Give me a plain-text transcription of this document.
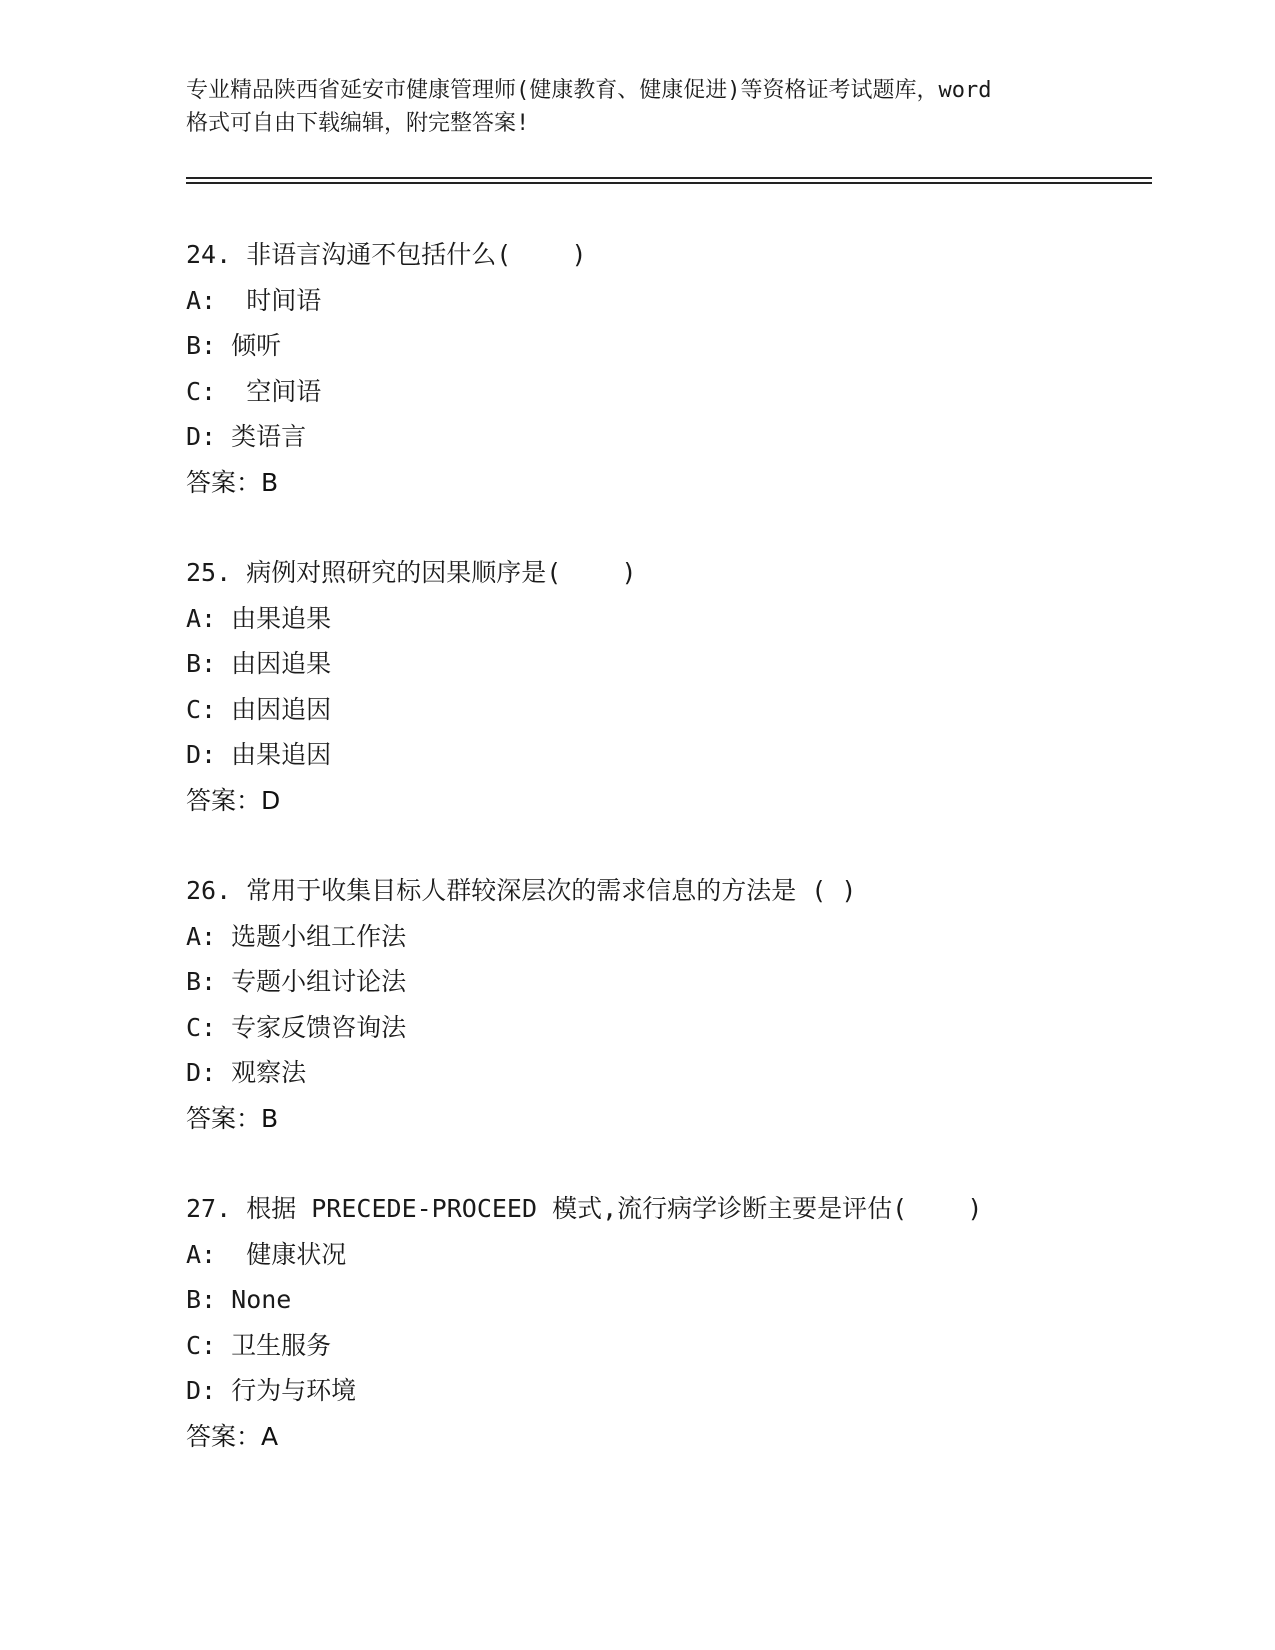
专业精品陕西省延安市健康管理师(健康教育、健康促进)等资格证考试题库，word
格式可自由下载编辑，附完整答案!
24. 非语言沟通不包括什么(    )
A:  时间语
B: 倾听
C:  空间语
D: 类语言
答案：B
25. 病例对照研究的因果顺序是(    )
A: 由果追果
B: 由因追果
C: 由因追因
D: 由果追因
答案：D
26. 常用于收集目标人群较深层次的需求信息的方法是 ( )
A: 选题小组工作法
B: 专题小组讨论法
C: 专家反馈咨询法
D: 观察法
答案：B
27. 根据 PRECEDE-PROCEED 模式,流行病学诊断主要是评估(    )
A:  健康状况
B: None
C: 卫生服务
D: 行为与环境
答案：A
